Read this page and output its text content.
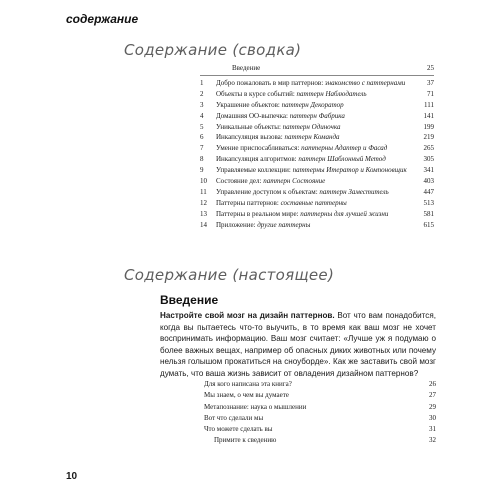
содержание
Содержание (сводка)
Введение	25
1	Добро пожаловать в мир паттернов: знакомство с паттернами	37
2	Объекты в курсе событий: паттерн Наблюдатель	71
3	Украшение объектов: паттерн Декоратор	111
4	Домашняя ОО-выпечка: паттерн Фабрика	141
5	Уникальные объекты: паттерн Одиночка	199
6	Инкапсуляция вызова: паттерн Команда	219
7	Умение приспосабливаться: паттерны Адаптер и Фасад	265
8	Инкапсуляция алгоритмов: паттерн Шаблонный Метод	305
9	Управляемые коллекции: паттерны Итератор и Компоновщик	341
10	Состояние дел: паттерн Состояние	403
11	Управление доступом к объектам: паттерн Заместитель	447
12	Паттерны паттернов: составные паттерны	513
13	Паттерны в реальном мире: паттерны для лучшей жизни	581
14	Приложение: другие паттерны	615
Содержание (настоящее)
Введение
Настройте свой мозг на дизайн паттернов. Вот что вам понадобится, когда вы пытаетесь что-то выучить, в то время как ваш мозг не хочет воспринимать информацию. Ваш мозг считает: «Лучше уж я подумаю о более важных вещах, например об опасных диких животных или почему нельзя голышом прокатиться на сноуборде». Как же заставить свой мозг думать, что ваша жизнь зависит от овладения дизайном паттернов?
Для кого написана эта книга?	26
Мы знаем, о чем вы думаете	27
Метапознание: наука о мышлении	29
Вот что сделали мы	30
Что можете сделать вы	31
Примите к сведению	32
10
